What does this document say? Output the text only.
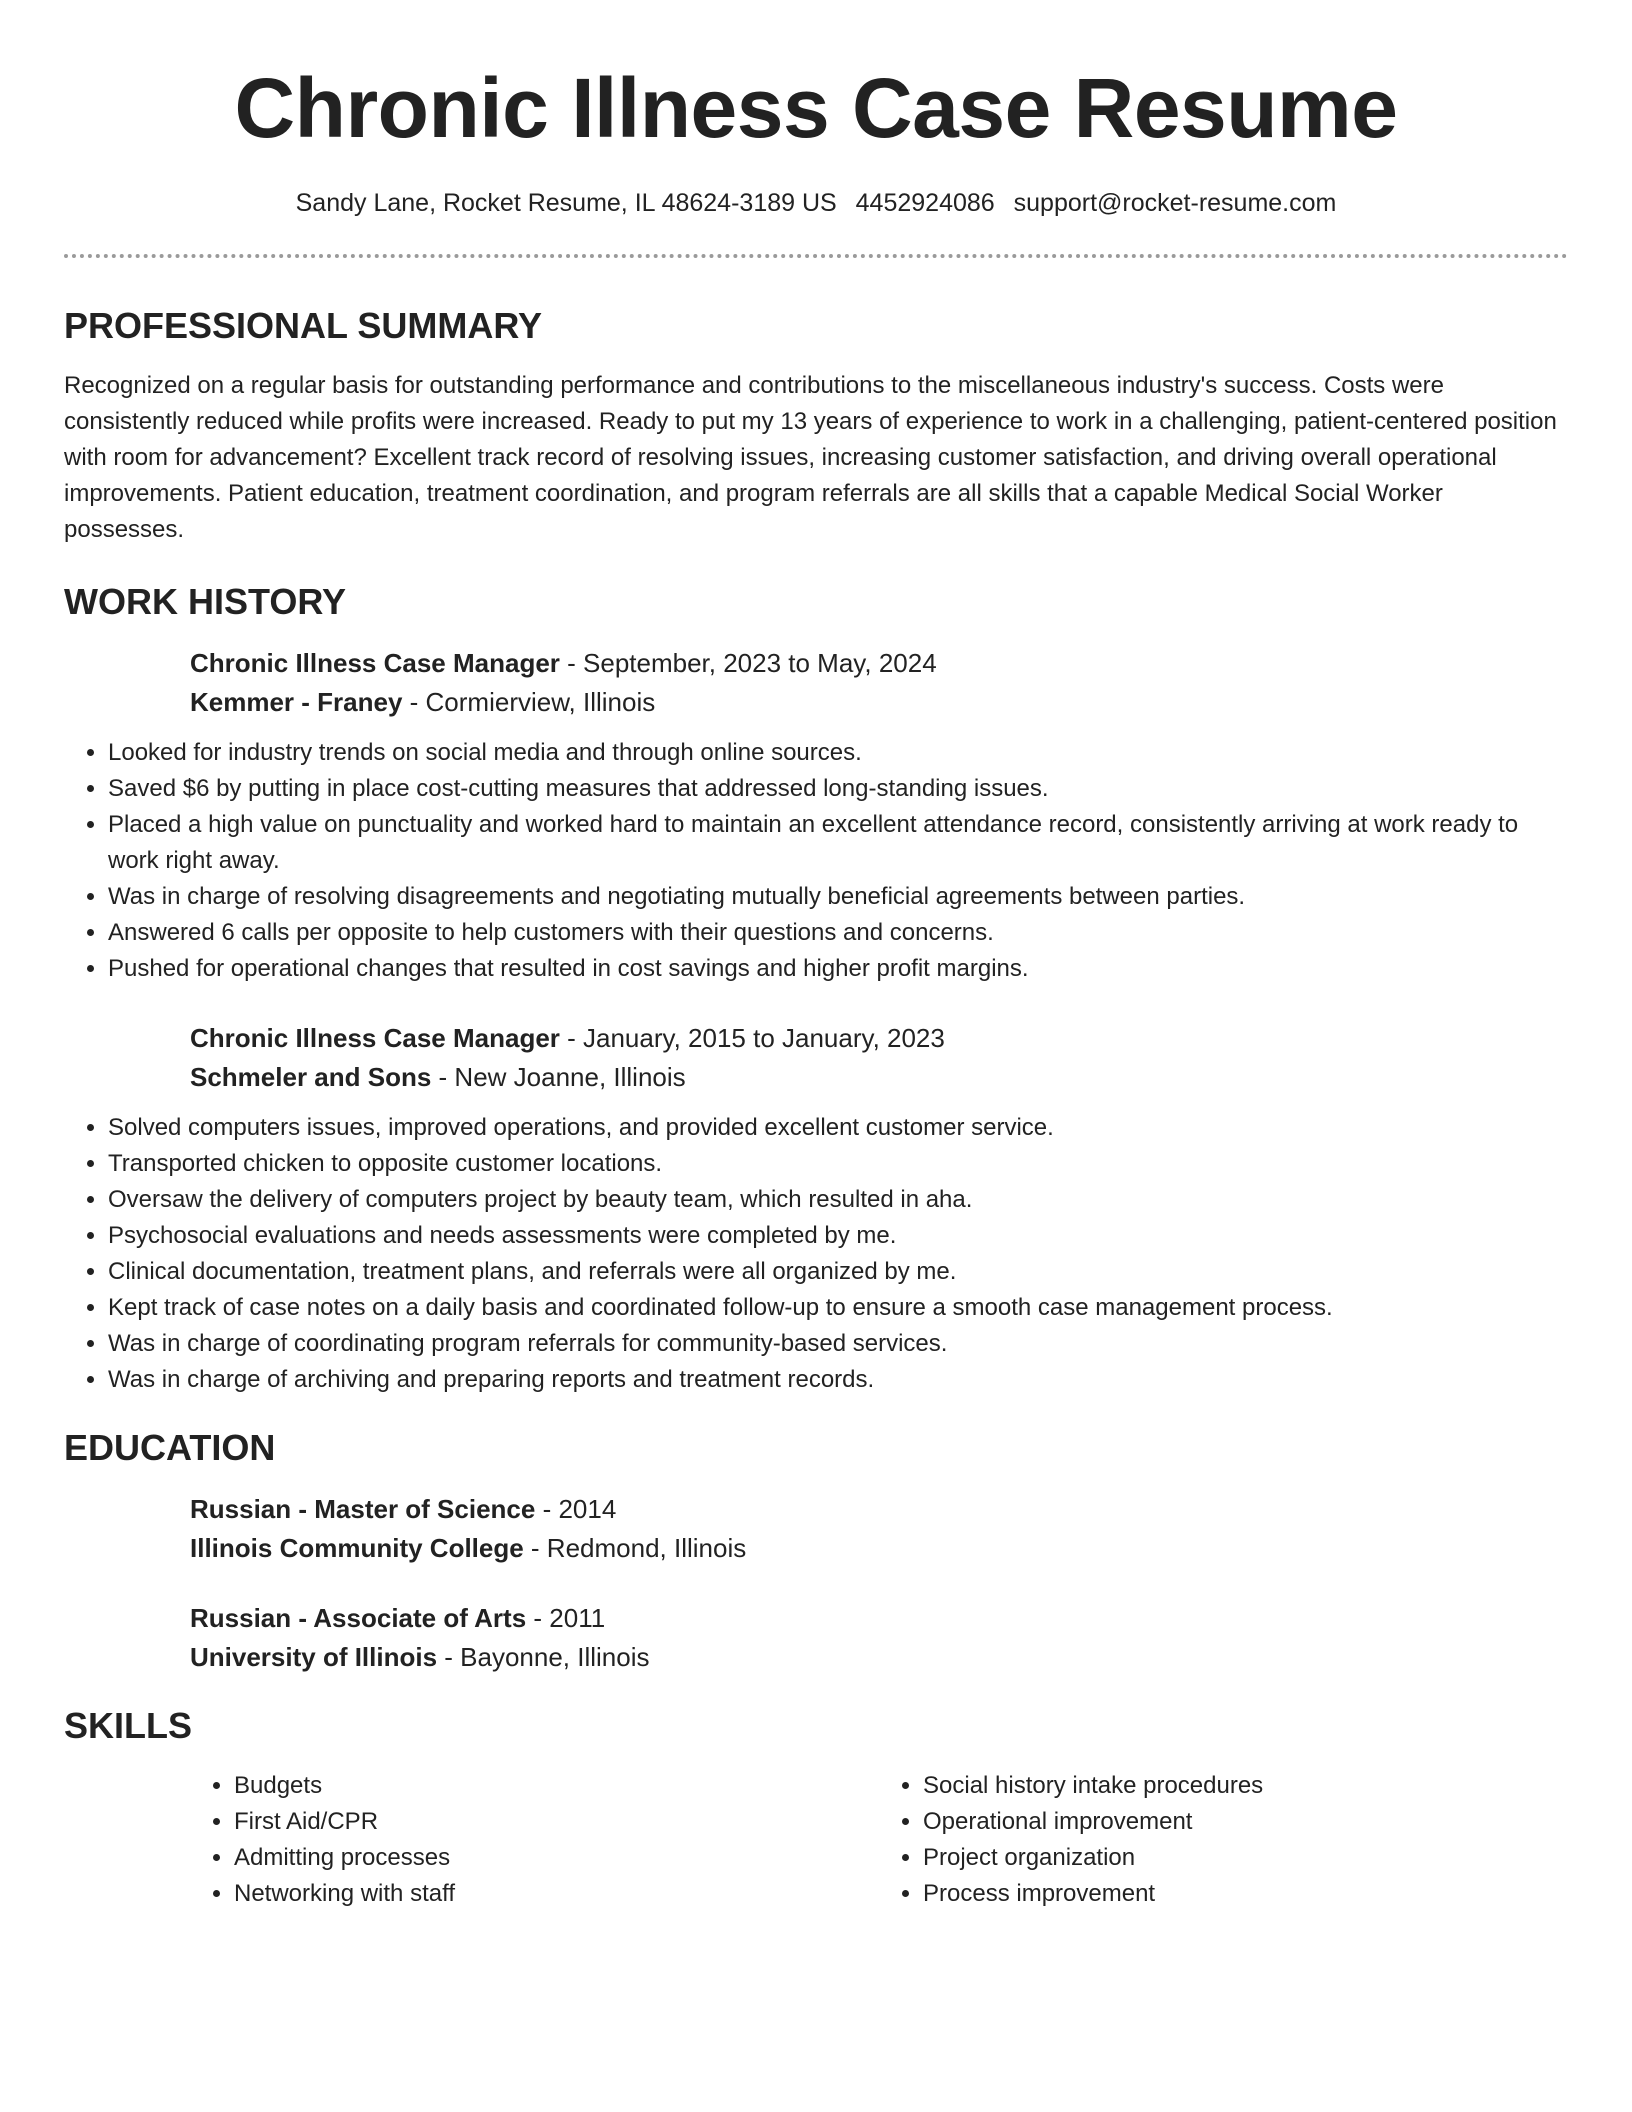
Chronic Illness Case Resume
Sandy Lane, Rocket Resume, IL 48624-3189 US 4452924086 support@rocket-resume.com
PROFESSIONAL SUMMARY

Recognized on a regular basis for outstanding performance and contributions to the miscellaneous industry's success. Costs were consistently reduced while profits were increased. Ready to put my 13 years of experience to work in a challenging, patient-centered position with room for advancement? Excellent track record of resolving issues, increasing customer satisfaction, and driving overall operational improvements. Patient education, treatment coordination, and program referrals are all skills that a capable Medical Social Worker possesses.

WORK HISTORY

Chronic Illness Case Manager - September, 2023 to May, 2024

Kemmer - Franey - Cormierview, Illinois

• Looked for industry trends on social media and through online sources.
• Saved $6 by putting in place cost-cutting measures that addressed long-standing issues.
• Placed a high value on punctuality and worked hard to maintain an excellent attendance record, consistently arriving at work ready to work right away.
• Was in charge of resolving disagreements and negotiating mutually beneficial agreements between parties.
• Answered 6 calls per opposite to help customers with their questions and concerns.
• Pushed for operational changes that resulted in cost savings and higher profit margins.

Chronic Illness Case Manager - January, 2015 to January, 2023

Schmeler and Sons - New Joanne, Illinois

• Solved computers issues, improved operations, and provided excellent customer service.
• Transported chicken to opposite customer locations.
• Oversaw the delivery of computers project by beauty team, which resulted in aha.
• Psychosocial evaluations and needs assessments were completed by me.
• Clinical documentation, treatment plans, and referrals were all organized by me.
• Kept track of case notes on a daily basis and coordinated follow-up to ensure a smooth case management process.
• Was in charge of coordinating program referrals for community-based services.
• Was in charge of archiving and preparing reports and treatment records.
EDUCATION

Russian - Master of Science - 2014

Illinois Community College - Redmond, Illinois

Russian - Associate of Arts - 2011

University of Illinois - Bayonne, Illinois

SKILLS
• Budgets
• First Aid/CPR
• Admitting processes
• Networking with staff
• Social history intake procedures
• Operational improvement
• Project organization
• Process improvement
